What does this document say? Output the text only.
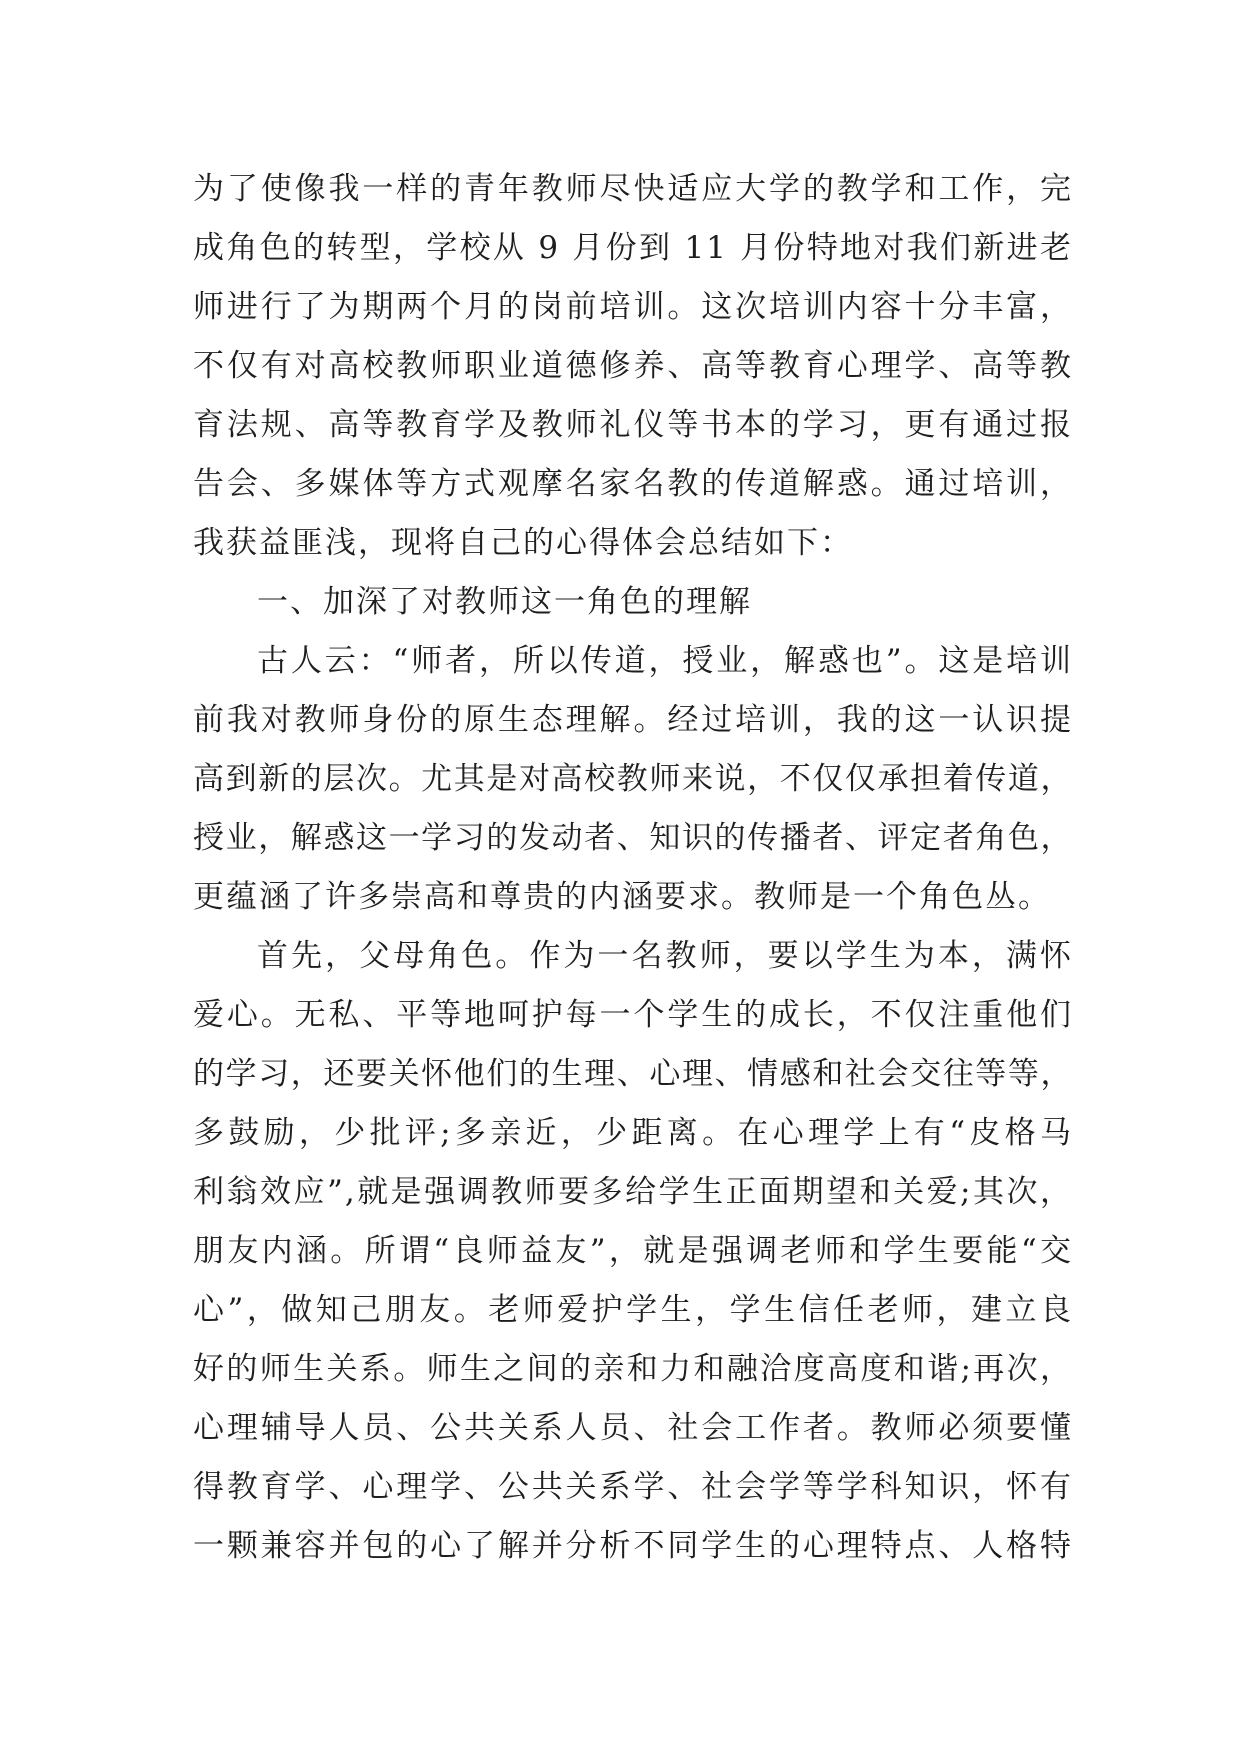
为了使像我一样的青年教师尽快适应大学的教学和工作，完
成角色的转型，学校从 9 月份到 11 月份特地对我们新进老
师进行了为期两个月的岗前培训。这次培训内容十分丰富，
不仅有对高校教师职业道德修养、高等教育心理学、高等教
育法规、高等教育学及教师礼仪等书本的学习，更有通过报
告会、多媒体等方式观摩名家名教的传道解惑。通过培训，
我获益匪浅，现将自己的心得体会总结如下：
一、加深了对教师这一角色的理解
古人云：“师者，所以传道，授业，解惑也”。这是培训
前我对教师身份的原生态理解。经过培训，我的这一认识提
高到新的层次。尤其是对高校教师来说，不仅仅承担着传道，
授业，解惑这一学习的发动者、知识的传播者、评定者角色，
更蕴涵了许多崇高和尊贵的内涵要求。教师是一个角色丛。
首先，父母角色。作为一名教师，要以学生为本，满怀
爱心。无私、平等地呵护每一个学生的成长，不仅注重他们
的学习，还要关怀他们的生理、心理、情感和社会交往等等，
多鼓励，少批评;多亲近，少距离。在心理学上有“皮格马
利翁效应”,就是强调教师要多给学生正面期望和关爱;其次，
朋友内涵。所谓“良师益友”，就是强调老师和学生要能“交
心”，做知己朋友。老师爱护学生，学生信任老师，建立良
好的师生关系。师生之间的亲和力和融洽度高度和谐;再次，
心理辅导人员、公共关系人员、社会工作者。教师必须要懂
得教育学、心理学、公共关系学、社会学等学科知识，怀有
一颗兼容并包的心了解并分析不同学生的心理特点、人格特
